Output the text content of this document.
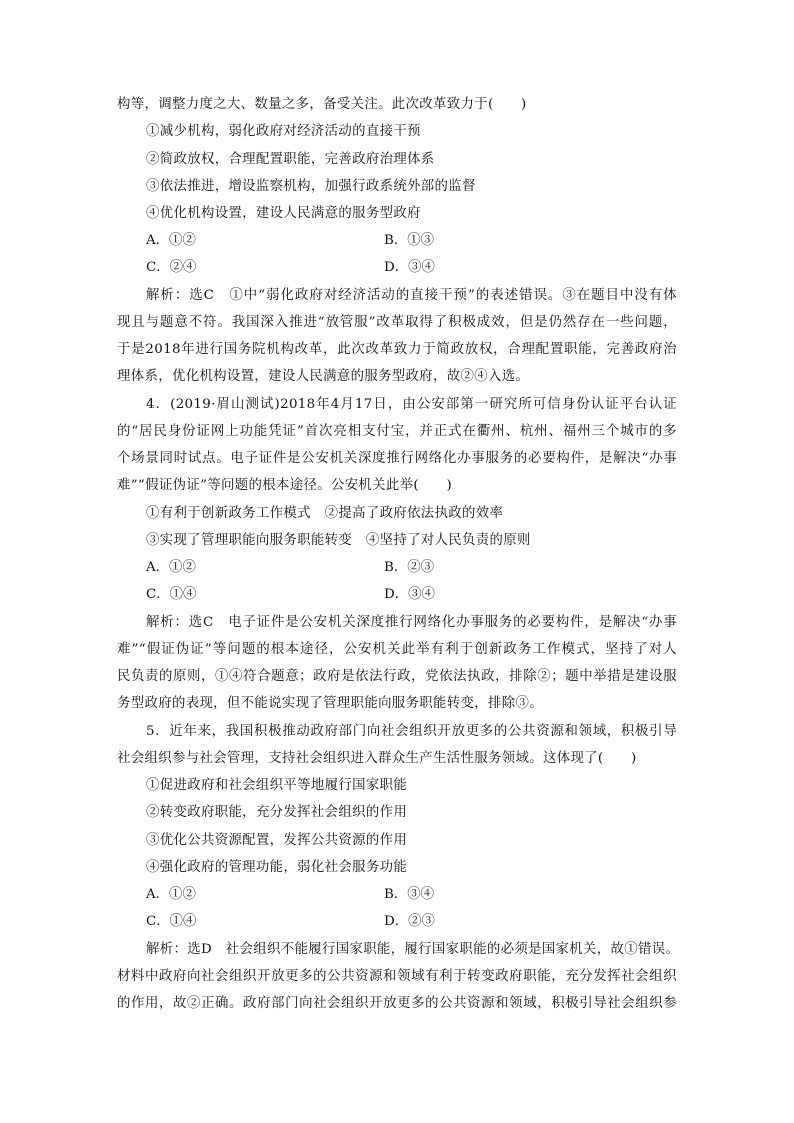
构等，调整力度之大、数量之多，备受关注。此次改革致力于(　　)
①减少机构，弱化政府对经济活动的直接干预
②简政放权，合理配置职能，完善政府治理体系
③依法推进，增设监察机构，加强行政系统外部的监督
④优化机构设置，建设人民满意的服务型政府
A．①②	B．①③
C．②④	D．③④
解析：选C　①中“弱化政府对经济活动的直接干预”的表述错误。③在题目中没有体
现且与题意不符。我国深入推进“放管服”改革取得了积极成效，但是仍然存在一些问题，
于是2018年进行国务院机构改革，此次改革致力于简政放权，合理配置职能，完善政府治
理体系，优化机构设置，建设人民满意的服务型政府，故②④入选。
4．(2019·眉山测试)2018年4月17日，由公安部第一研究所可信身份认证平台认证
的“居民身份证网上功能凭证”首次亮相支付宝，并正式在衢州、杭州、福州三个城市的多
个场景同时试点。电子证件是公安机关深度推行网络化办事服务的必要构件，是解决“办事
难”“假证伪证”等问题的根本途径。公安机关此举(　　)
①有利于创新政务工作模式　②提高了政府依法执政的效率
③实现了管理职能向服务职能转变　④坚持了对人民负责的原则
A．①②	B．②③
C．①④	D．③④
解析：选C　电子证件是公安机关深度推行网络化办事服务的必要构件，是解决“办事
难”“假证伪证”等问题的根本途径，公安机关此举有利于创新政务工作模式，坚持了对人
民负责的原则，①④符合题意；政府是依法行政，党依法执政，排除②；题中举措是建设服
务型政府的表现，但不能说实现了管理职能向服务职能转变，排除③。
5．近年来，我国积极推动政府部门向社会组织开放更多的公共资源和领域，积极引导
社会组织参与社会管理，支持社会组织进入群众生产生活性服务领域。这体现了(　　)
①促进政府和社会组织平等地履行国家职能
②转变政府职能，充分发挥社会组织的作用
③优化公共资源配置，发挥公共资源的作用
④强化政府的管理功能，弱化社会服务功能
A．①②	B．③④
C．①④	D．②③
解析：选D　社会组织不能履行国家职能，履行国家职能的必须是国家机关，故①错误。
材料中政府向社会组织开放更多的公共资源和领域有利于转变政府职能，充分发挥社会组织
的作用，故②正确。政府部门向社会组织开放更多的公共资源和领域，积极引导社会组织参
